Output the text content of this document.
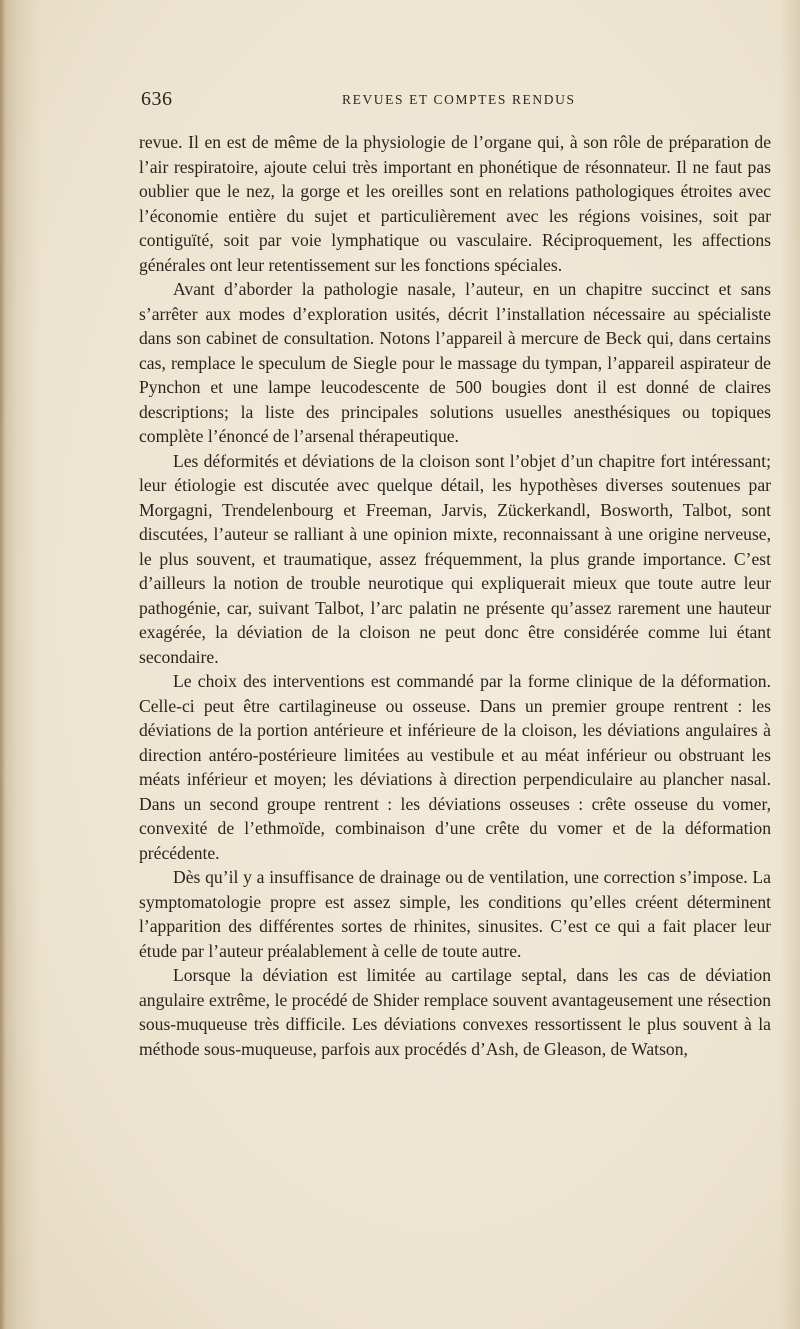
636	REVUES ET COMPTES RENDUS

revue. Il en est de même de la physiologie de l’organe qui, à son rôle de préparation de l’air respiratoire, ajoute celui très important en phonétique de résonnateur. Il ne faut pas oublier que le nez, la gorge et les oreilles sont en relations pathologiques étroites avec l’économie entière du sujet et particulièrement avec les régions voisines, soit par contiguïté, soit par voie lymphatique ou vasculaire. Réciproquement, les affections générales ont leur retentissement sur les fonctions spéciales.

Avant d’aborder la pathologie nasale, l’auteur, en un chapitre succinct et sans s’arrêter aux modes d’exploration usités, décrit l’installation nécessaire au spécialiste dans son cabinet de consultation. Notons l’appareil à mercure de Beck qui, dans certains cas, remplace le speculum de Siegle pour le massage du tympan, l’appareil aspirateur de Pynchon et une lampe leucodescente de 500 bougies dont il est donné de claires descriptions; la liste des principales solutions usuelles anesthésiques ou topiques complète l’énoncé de l’arsenal thérapeutique.

Les déformités et déviations de la cloison sont l’objet d’un chapitre fort intéressant; leur étiologie est discutée avec quelque détail, les hypothèses diverses soutenues par Morgagni, Trendelenbourg et Freeman, Jarvis, Zückerkandl, Bosworth, Talbot, sont discutées, l’auteur se ralliant à une opinion mixte, reconnaissant à une origine nerveuse, le plus souvent, et traumatique, assez fréquemment, la plus grande importance. C’est d’ailleurs la notion de trouble neurotique qui expliquerait mieux que toute autre leur pathogénie, car, suivant Talbot, l’arc palatin ne présente qu’assez rarement une hauteur exagérée, la déviation de la cloison ne peut donc être considérée comme lui étant secondaire.

Le choix des interventions est commandé par la forme clinique de la déformation. Celle-ci peut être cartilagineuse ou osseuse. Dans un premier groupe rentrent : les déviations de la portion antérieure et inférieure de la cloison, les déviations angulaires à direction antéro-postérieure limitées au vestibule et au méat inférieur ou obstruant les méats inférieur et moyen; les déviations à direction perpendiculaire au plancher nasal. Dans un second groupe rentrent : les déviations osseuses : crête osseuse du vomer, convexité de l’ethmoïde, combinaison d’une crête du vomer et de la déformation précédente.

Dès qu’il y a insuffisance de drainage ou de ventilation, une correction s’impose. La symptomatologie propre est assez simple, les conditions qu’elles créent déterminent l’apparition des différentes sortes de rhinites, sinusites. C’est ce qui a fait placer leur étude par l’auteur préalablement à celle de toute autre.

Lorsque la déviation est limitée au cartilage septal, dans les cas de déviation angulaire extrême, le procédé de Shider remplace souvent avantageusement une résection sous-muqueuse très difficile. Les déviations convexes ressortissent le plus souvent à la méthode sous-muqueuse, parfois aux procédés d’Ash, de Gleason, de Watson,
